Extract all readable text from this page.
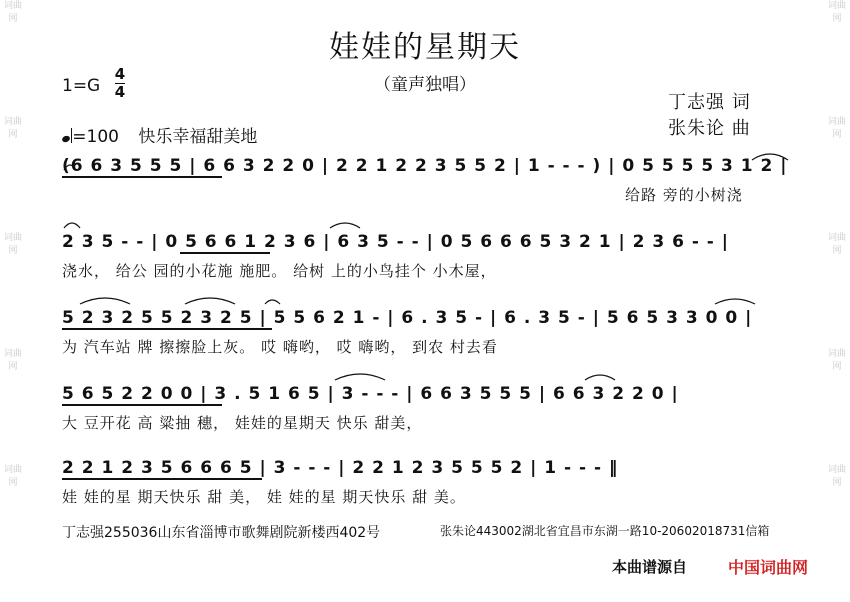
词曲网
词曲网
词曲网
词曲网
词曲网
词曲网
词曲网
词曲网
词曲网
词曲网
娃娃的星期天
（童声独唱）
1=G
4
4	丁志强 词
张朱论 曲
=100 快乐幸福甜美地
(6 6 3 5 5 5 | 6 6 3 2 2 0 | 2 2 1 2 2 3 5 5 2 | 1 - - - ) | 0 5 5 5 5 3 1 2 |
给路 旁的小树浇
2 3 5 - - | 0 5 6 6 1 2 3 6 | 6 3 5 - - | 0 5 6 6 6 5 3 2 1 | 2 3 6 - - |
浇水， 给公 园的小花施 施肥。 给树 上的小鸟挂个 小木屋，
5 2 3 2 5 5 2 3 2 5 | 5 5 6 2 1 - | 6 . 3 5 - | 6 . 3 5 - | 5 6 5 3 3 0 0 |
为 汽车站 牌 擦擦脸上灰。 哎 嗨哟， 哎 嗨哟， 到农 村去看
5 6 5 2 2 0 0 | 3 . 5 1 6 5 | 3 - - - | 6 6 3 5 5 5 | 6 6 3 2 2 0 |
大 豆开花 高 粱抽 穗， 娃娃的星期天 快乐 甜美，
2 2 1 2 3 5 6 6 6 5 | 3 - - - | 2 2 1 2 3 5 5 5 2 | 1 - - - ‖
娃 娃的星 期天快乐 甜 美， 娃 娃的星 期天快乐 甜 美。
丁志强255036山东省淄博市歌舞剧院新楼西402号	张朱论443002湖北省宜昌市东湖一路10-20602018731信箱
本曲谱源自	中国词曲网
